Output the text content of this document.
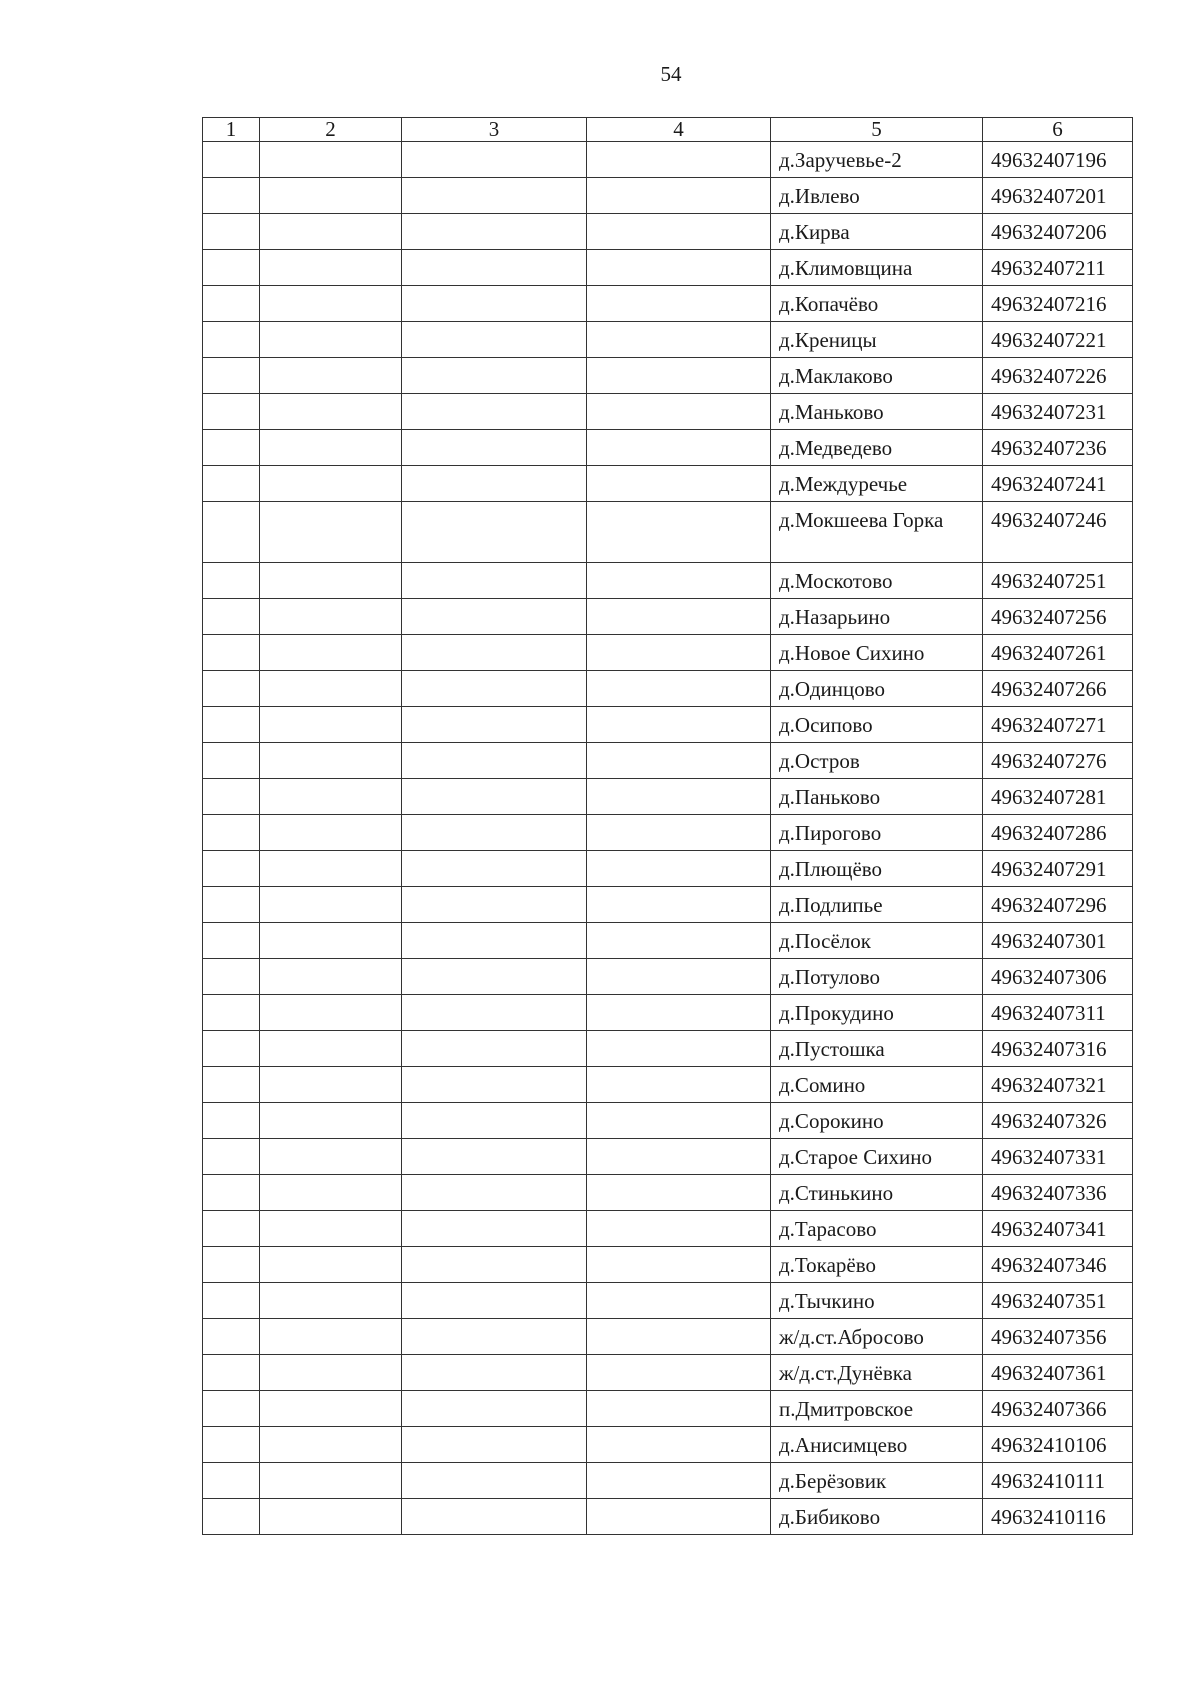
54
1	2	3	4	5	6
				д.Заручевье-2	49632407196
				д.Ивлево	49632407201
				д.Кирва	49632407206
				д.Климовщина	49632407211
				д.Копачёво	49632407216
				д.Креницы	49632407221
				д.Маклаково	49632407226
				д.Маньково	49632407231
				д.Медведево	49632407236
				д.Междуречье	49632407241
				д.Мокшеева Горка	49632407246
				д.Москотово	49632407251
				д.Назарьино	49632407256
				д.Новое Сихино	49632407261
				д.Одинцово	49632407266
				д.Осипово	49632407271
				д.Остров	49632407276
				д.Паньково	49632407281
				д.Пирогово	49632407286
				д.Плющёво	49632407291
				д.Подлипье	49632407296
				д.Посёлок	49632407301
				д.Потулово	49632407306
				д.Прокудино	49632407311
				д.Пустошка	49632407316
				д.Сомино	49632407321
				д.Сорокино	49632407326
				д.Старое Сихино	49632407331
				д.Стинькино	49632407336
				д.Тарасово	49632407341
				д.Токарёво	49632407346
				д.Тычкино	49632407351
				ж/д.ст.Абросово	49632407356
				ж/д.ст.Дунёвка	49632407361
				п.Дмитровское	49632407366
				д.Анисимцево	49632410106
				д.Берёзовик	49632410111
				д.Бибиково	49632410116
